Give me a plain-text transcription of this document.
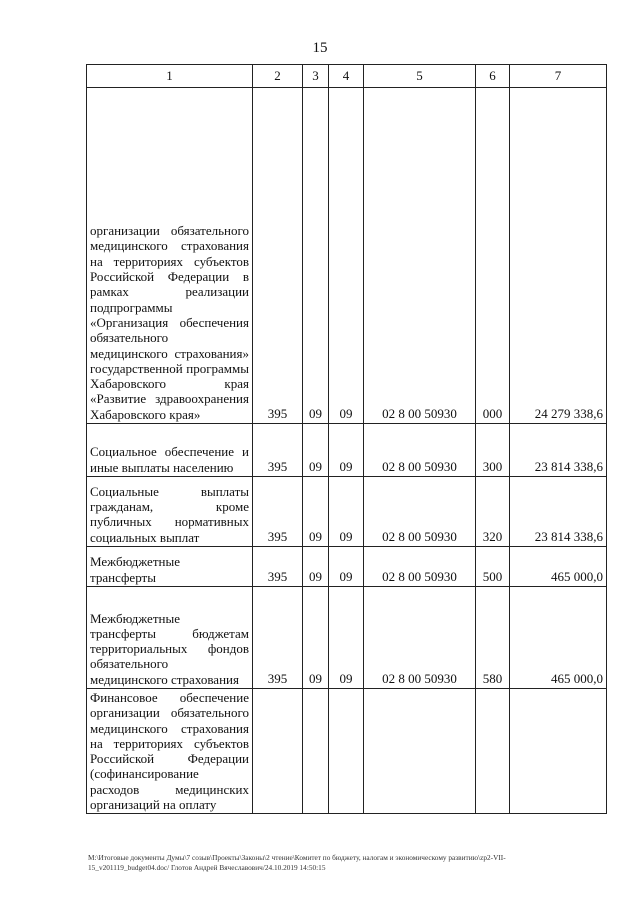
15
1	2	3	4	5	6	7
организации обязательного медицинского страхования на территориях субъектов Российской Федерации в рамках реализации подпрограммы «Организация обеспечения обязательного медицинского страхования» государственной программы Хабаровского края «Развитие здравоохранения Хабаровского края»	395	09	09	02 8 00 50930	000	24 279 338,6
Социальное обеспечение и иные выплаты населению	395	09	09	02 8 00 50930	300	23 814 338,6
Социальные выплаты гражданам, кроме публичных нормативных социальных выплат	395	09	09	02 8 00 50930	320	23 814 338,6
Межбюджетные трансферты	395	09	09	02 8 00 50930	500	465 000,0
Межбюджетные трансферты бюджетам территориальных фондов обязательного медицинского страхования	395	09	09	02 8 00 50930	580	465 000,0
Финансовое обеспечение организации обязательного медицинского страхования на территориях субъектов Российской Федерации (софинансирование расходов медицинских организаций на оплату						
M:\Итоговые документы Думы\7 созыв\Проекты\Законы\2 чтение\Комитет по бюджету, налогам и экономическому развитию\zp2-VII-
15_v201119_budget04.doc/ Глотов Андрей Вячеславович/24.10.2019 14:50:15
